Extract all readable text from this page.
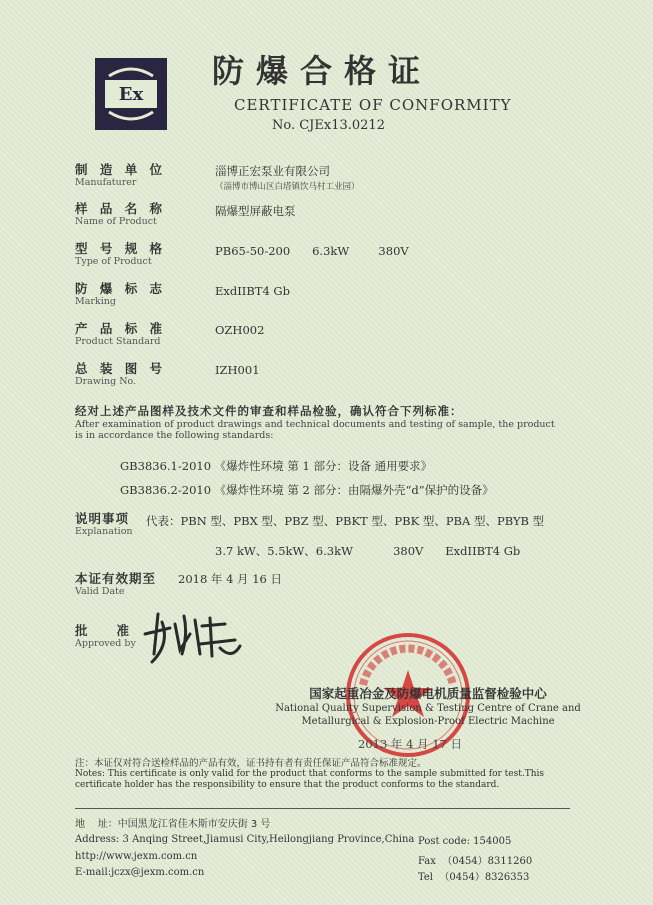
Ex
防爆合格证
CERTIFICATE OF CONFORMITY
No. CJEx13.0212
制 造 单 位
Manufaturer
淄博正宏泵业有限公司
（淄博市博山区白塔镇饮马村工业园）
样 品 名 称
Name of Product
隔爆型屏蔽电泵
型 号 规 格
Type of Product
PB65-50-200      6.3kW        380V
防 爆 标 志
Marking
ExdIIBT4 Gb
产 品 标 准
Product Standard
OZH002
总 装 图 号
Drawing No.
IZH001
经对上述产品图样及技术文件的审查和样品检验，确认符合下列标准：
After examination of product drawings and technical documents and testing of sample, the product
is in accordance the following standards:
GB3836.1-2010 《爆炸性环境 第 1 部分：设备 通用要求》
GB3836.2-2010 《爆炸性环境 第 2 部分：由隔爆外壳“d”保护的设备》
说明事项
Explanation
代表：PBN 型、PBX 型、PBZ 型、PBKT 型、PBK 型、PBA 型、PBYB 型
3.7 kW、5.5kW、6.3kW           380V      ExdIIBT4 Gb
本证有效期至
Valid Date
2018 年 4 月 16 日
批   准
Approved by
国家起重冶金及防爆电机质量监督检验中心
National Quality Supervision & Testing Centre of Crane and
Metallurgical & Explosion-Proof Electric Machine
2013 年 4 月 17 日
注：本证仅对符合送检样品的产品有效，证书持有者有责任保证产品符合标准规定。
Notes: This certificate is only valid for the product that conforms to the sample submitted for test.This
certificate holder has the responsibility to ensure that the product conforms to the standard.
地    址：中国黑龙江省佳木斯市安庆街 3 号
Address: 3 Anqing Street,Jiamusi City,Heilongjiang Province,China
http://www.jexm.com.cn
E-mail:jczx@jexm.com.cn
Post code: 154005
Fax  （0454）8311260
Tel  （0454）8326353
